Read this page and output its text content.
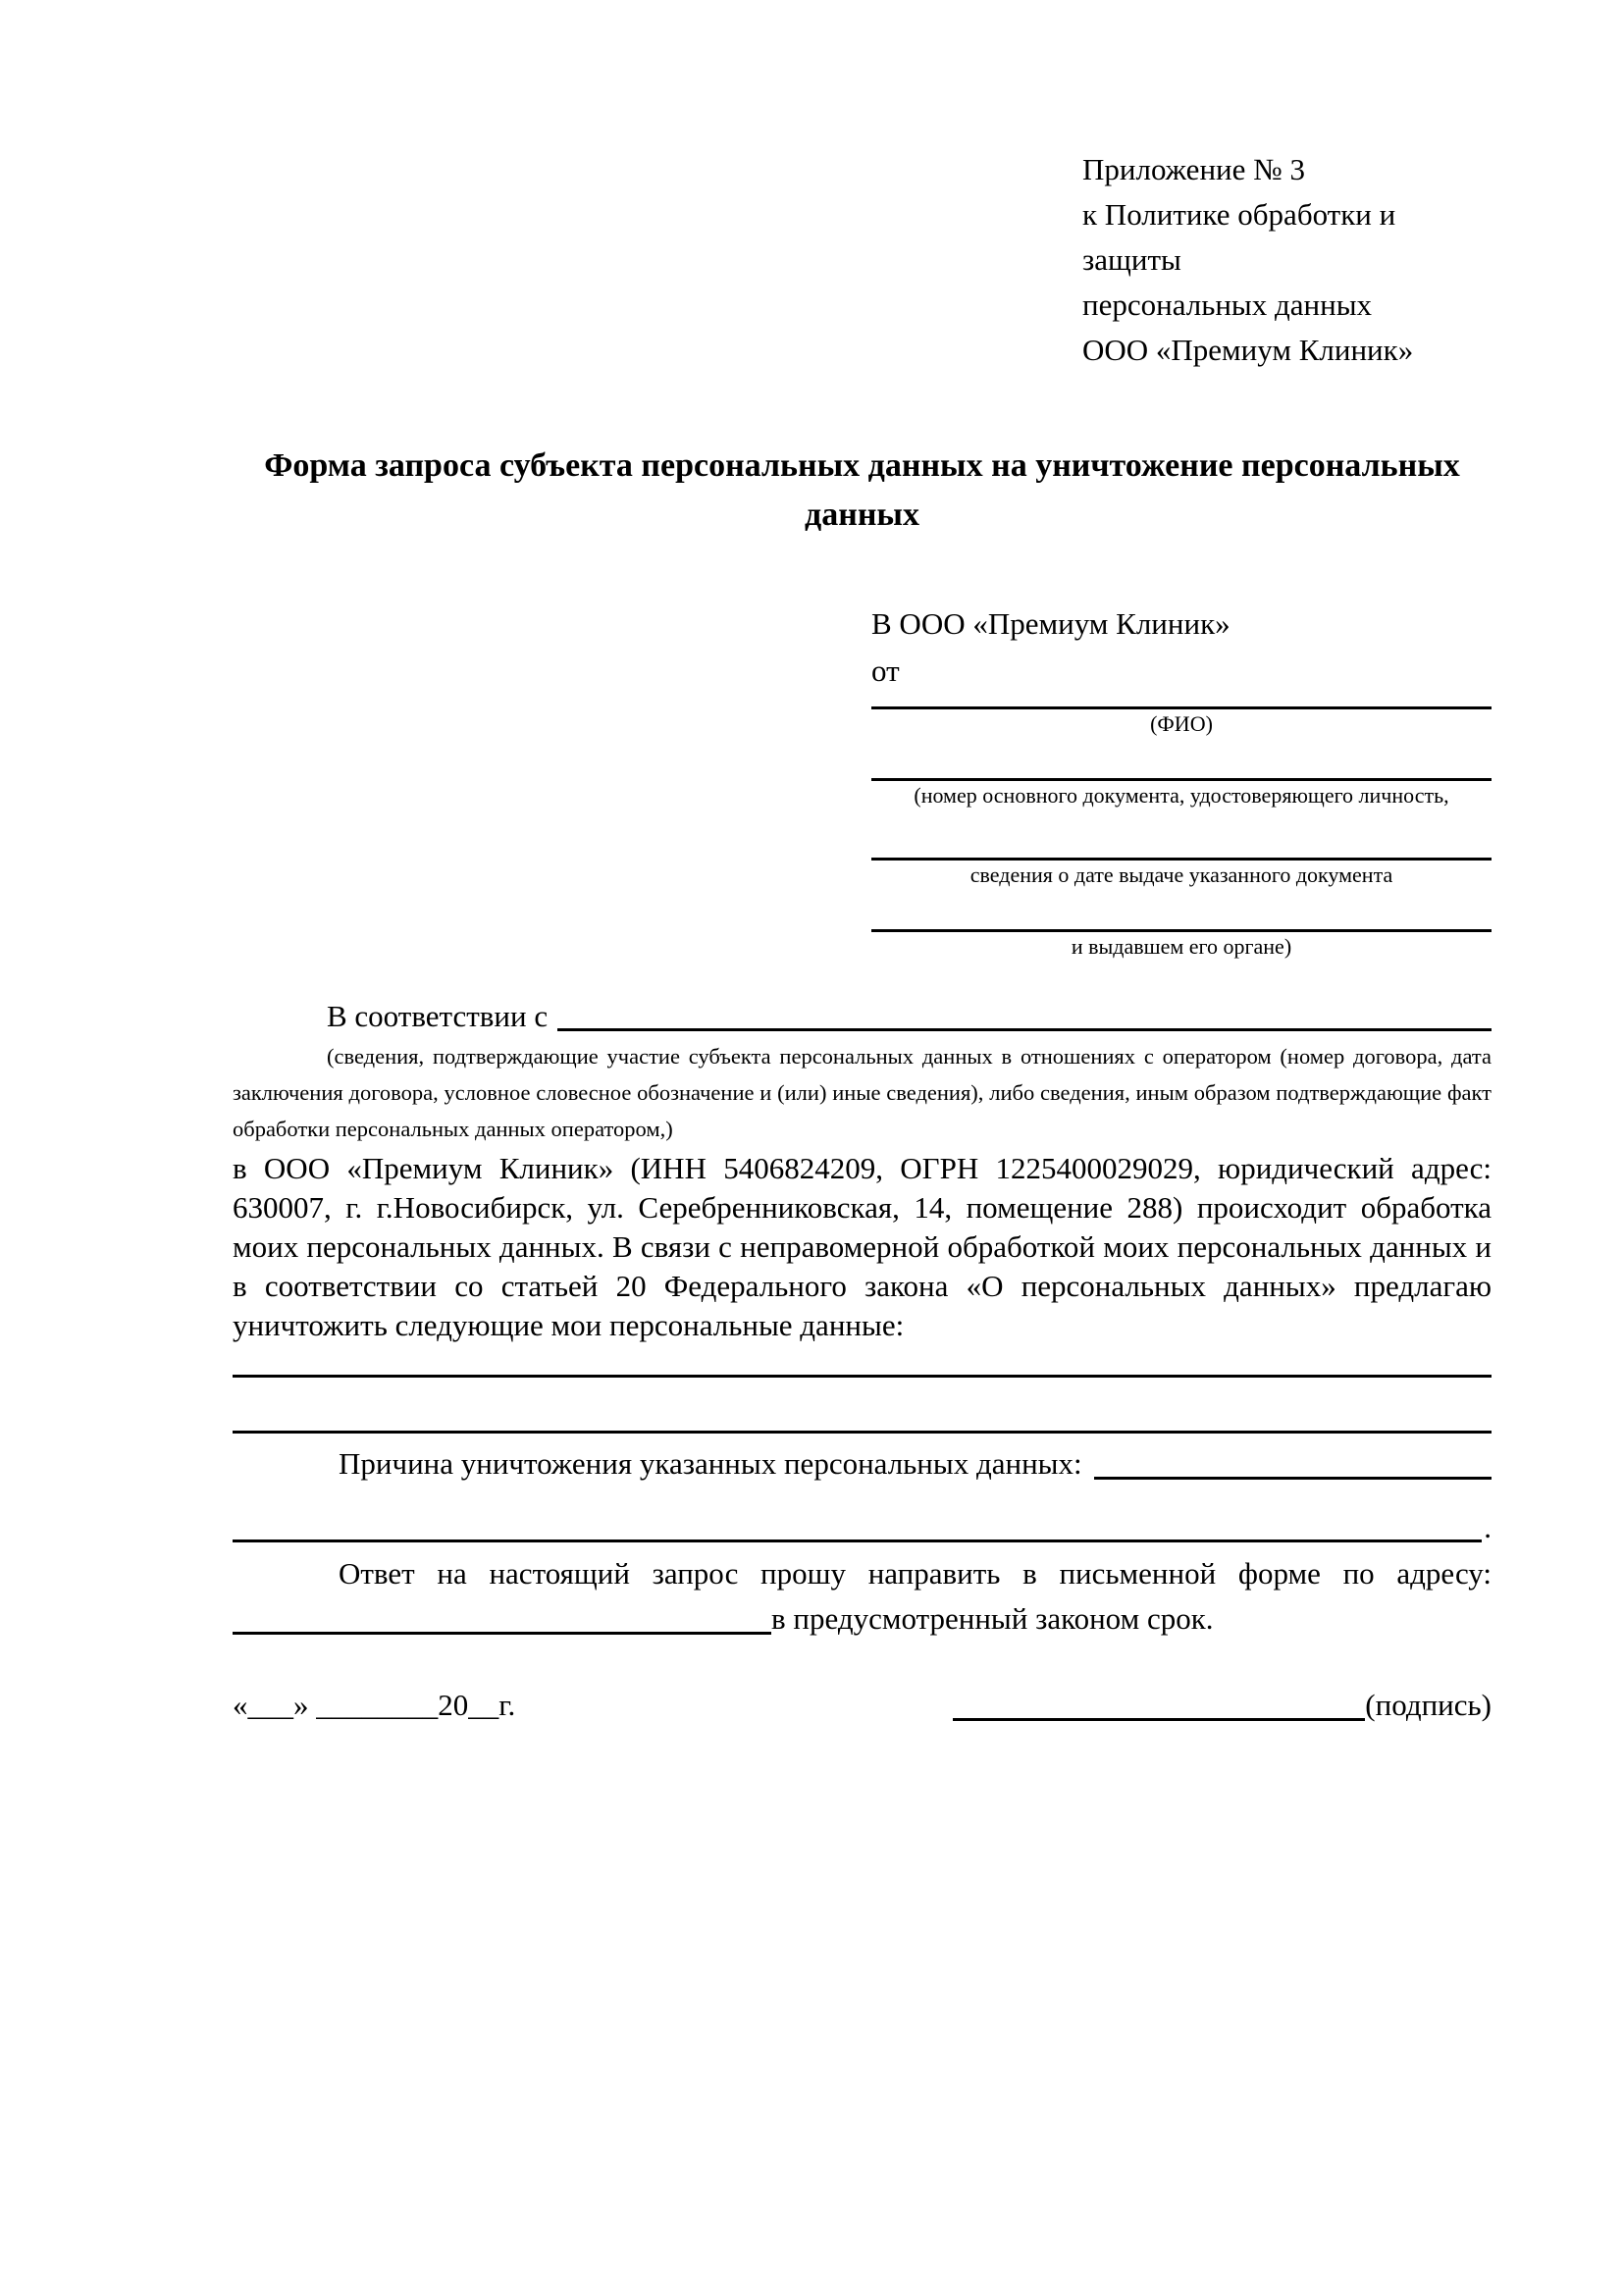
Приложение № 3
к Политике обработки и защиты
персональных данных
ООО «Премиум Клиник»
Форма запроса субъекта персональных данных на уничтожение персональных данных
В ООО «Премиум Клиник»
от
(ФИО)
(номер основного документа, удостоверяющего личность,
сведения о дате выдаче указанного документа
и выдавшем его органе)
В соответствии с

(сведения, подтверждающие участие субъекта персональных данных в отношениях с оператором (номер договора, дата заключения договора, условное словесное обозначение и (или) иные сведения), либо сведения, иным образом подтверждающие факт обработки персональных данных оператором,)

в ООО «Премиум Клиник» (ИНН 5406824209, ОГРН 1225400029029, юридический адрес: 630007, г. г.Новосибирск, ул. Серебренниковская, 14, помещение 288) происходит обработка моих персональных данных. В связи с неправомерной обработкой моих персональных данных и в соответствии со статьей 20 Федерального закона «О персональных данных» предлагаю уничтожить следующие мои персональные данные:

Причина уничтожения указанных персональных данных:
.

Ответ на настоящий запрос прошу направить в письменной форме по адресу:

в предусмотренный законом срок.
«___» ________20__г.	(подпись)
